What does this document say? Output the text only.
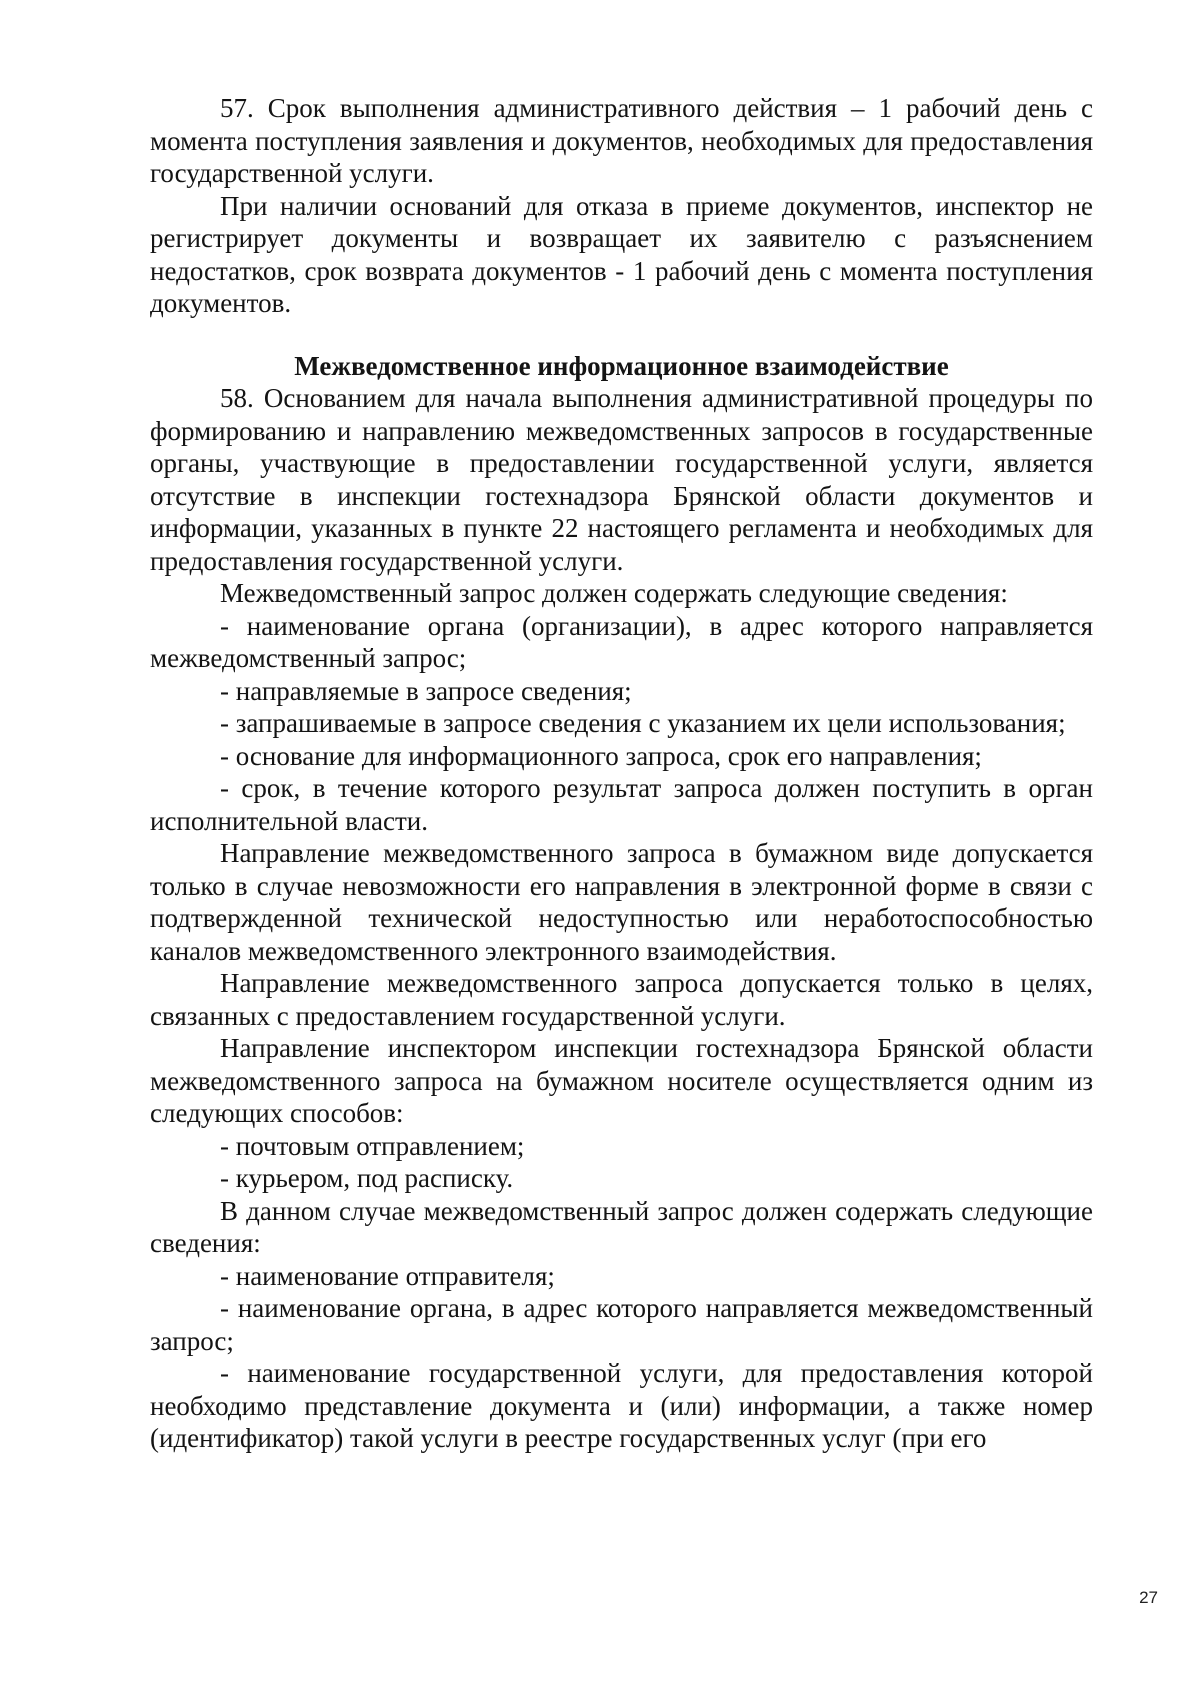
57. Срок выполнения административного действия – 1 рабочий день с момента поступления заявления и документов, необходимых для предоставления государственной услуги.

При наличии оснований для отказа в приеме документов, инспектор не регистрирует документы и возвращает их заявителю с разъяснением недостатков, срок возврата документов - 1 рабочий день с момента поступления документов.

Межведомственное информационное взаимодействие

58. Основанием для начала выполнения административной процедуры по формированию и направлению межведомственных запросов в государственные органы, участвующие в предоставлении государственной услуги, является отсутствие в инспекции гостехнадзора Брянской области документов и информации, указанных в пункте 22 настоящего регламента и необходимых для предоставления государственной услуги.

Межведомственный запрос должен содержать следующие сведения:

- наименование органа (организации), в адрес которого направляется межведомственный запрос;

- направляемые в запросе сведения;

- запрашиваемые в запросе сведения с указанием их цели использования;

- основание для информационного запроса, срок его направления;

- срок, в течение которого результат запроса должен поступить в орган исполнительной власти.

Направление межведомственного запроса в бумажном виде допускается только в случае невозможности его направления в электронной форме в связи с подтвержденной технической недоступностью или неработоспособностью каналов межведомственного электронного взаимодействия.

Направление межведомственного запроса допускается только в целях, связанных с предоставлением государственной услуги.

Направление инспектором инспекции гостехнадзора Брянской области межведомственного запроса на бумажном носителе осуществляется одним из следующих способов:

- почтовым отправлением;

- курьером, под расписку.

В данном случае межведомственный запрос должен содержать следующие сведения:

- наименование отправителя;

- наименование органа, в адрес которого направляется межведомственный запрос;

- наименование государственной услуги, для предоставления которой необходимо представление документа и (или) информации, а также номер (идентификатор) такой услуги в реестре государственных услуг (при его

27
